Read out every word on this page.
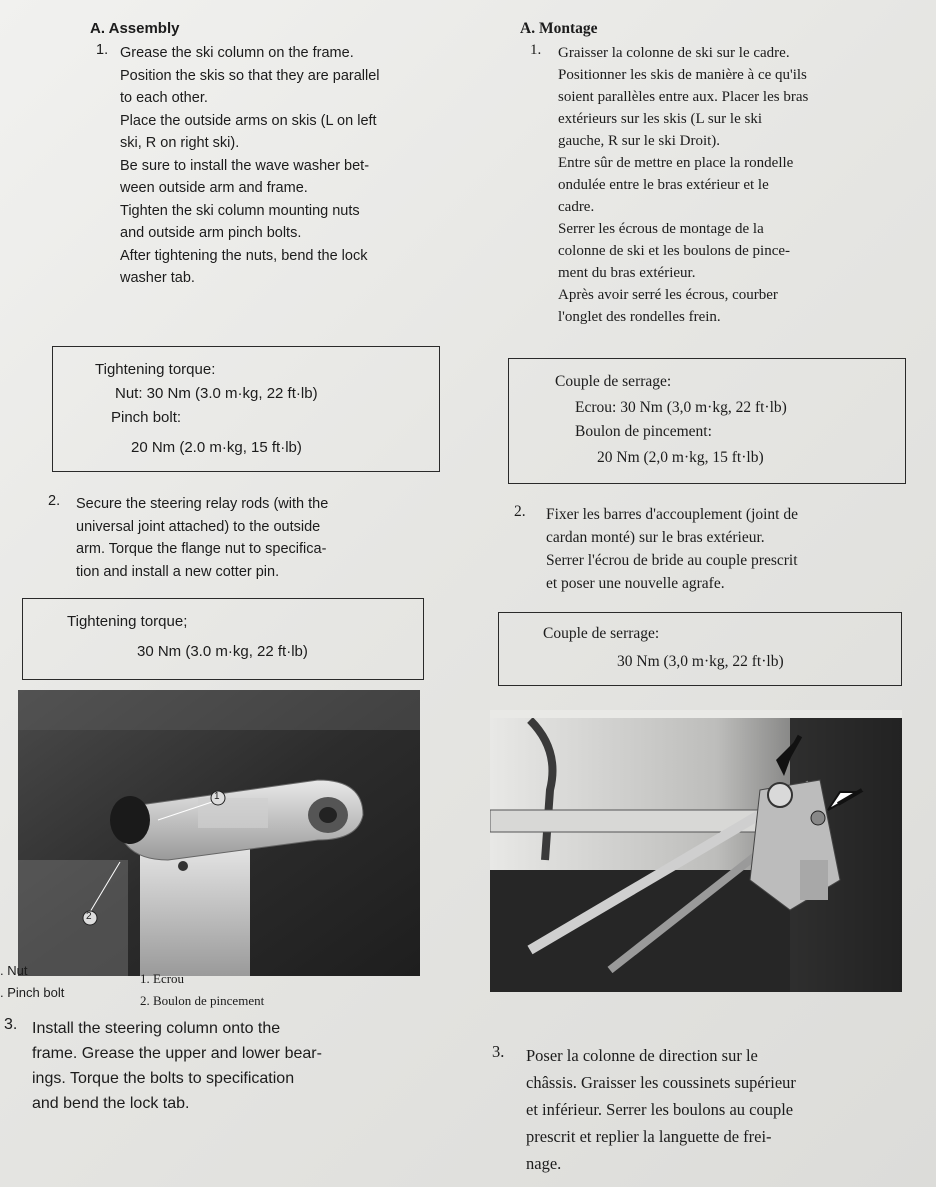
A. Assembly

1. Grease the ski column on the frame.

Position the skis so that they are parallel

to each other.

Place the outside arms on skis (L on left

ski, R on right ski).

Be sure to install the wave washer bet-

ween outside arm and frame.

Tighten the ski column mounting nuts

and outside arm pinch bolts.

After tightening the nuts, bend the lock

washer tab.

Tightening torque:

Nut: 30 Nm (3.0 m·kg, 22 ft·lb)

Pinch bolt:

20 Nm (2.0 m·kg, 15 ft·lb)

2. Secure the steering relay rods (with the

universal joint attached) to the outside

arm. Torque the flange nut to specifica-

tion and install a new cotter pin.

Tightening torque;

30 Nm (3.0 m·kg, 22 ft·lb)

1
2

. Nut

. Pinch bolt

3. Install the steering column onto the

frame. Grease the upper and lower bear-

ings. Torque the bolts to specification

and bend the lock tab.

A. Montage

1. Graisser la colonne de ski sur le cadre.

Positionner les skis de manière à ce qu'ils

soient parallèles entre aux. Placer les bras

extérieurs sur les skis (L sur le ski

gauche, R sur le ski Droit).

Entre sûr de mettre en place la rondelle

ondulée entre le bras extérieur et le

cadre.

Serrer les écrous de montage de la

colonne de ski et les boulons de pince-

ment du bras extérieur.

Après avoir serré les écrous, courber

l'onglet des rondelles frein.

Couple de serrage:

Ecrou: 30 Nm (3,0 m·kg, 22 ft·lb)

Boulon de pincement:

20 Nm (2,0 m·kg, 15 ft·lb)

2. Fixer les barres d'accouplement (joint de

cardan monté) sur le bras extérieur.

Serrer l'écrou de bride au couple prescrit

et poser une nouvelle agrafe.

Couple de serrage:

30 Nm (3,0 m·kg, 22 ft·lb)

1. Ecrou

2. Boulon de pincement

3. Poser la colonne de direction sur le

châssis. Graisser les coussinets supérieur

et inférieur. Serrer les boulons au couple

prescrit et replier la languette de frei-

nage.
